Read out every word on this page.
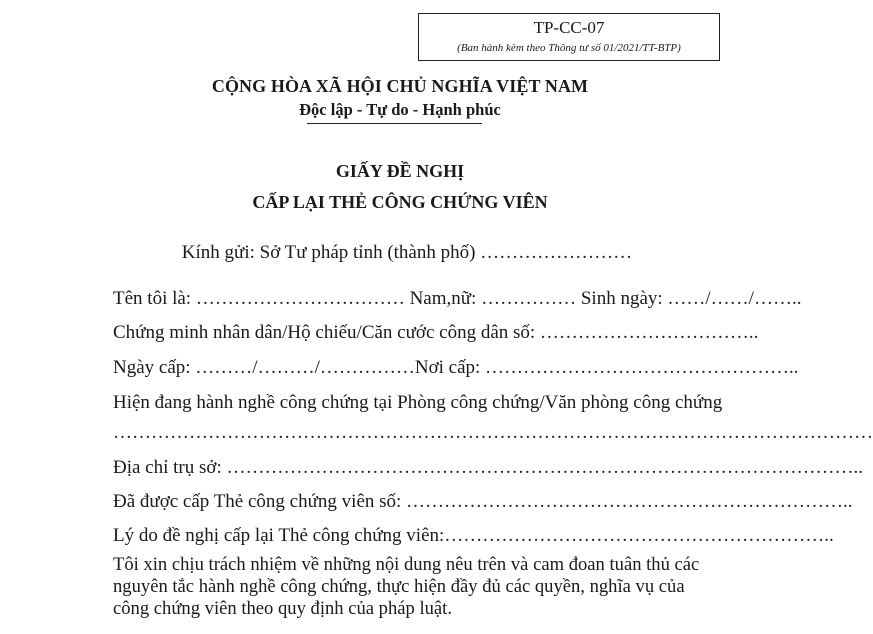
TP-CC-07
(Ban hành kèm theo Thông tư số 01/2021/TT-BTP)
CỘNG HÒA XÃ HỘI CHỦ NGHĨA VIỆT NAM
Độc lập - Tự do - Hạnh phúc
GIẤY ĐỀ NGHỊ
CẤP LẠI THẺ CÔNG CHỨNG VIÊN
Kính gửi: Sở Tư pháp tỉnh (thành phố) ……………………
Tên tôi là: …………………………… Nam,nữ: …………… Sinh ngày: ……/……/……..
Chứng minh nhân dân/Hộ chiếu/Căn cước công dân số: ……………………………..
Ngày cấp: ………/………/……………Nơi cấp: …………………………………………..
Hiện đang hành nghề công chứng tại Phòng công chứng/Văn phòng công chứng
…………………………………………………………………………………………………………
Địa chỉ trụ sở: ………………………………………………………………………………………..
Đã được cấp Thẻ công chứng viên số: ……………………………………………………………..
Lý do đề nghị cấp lại Thẻ công chứng viên:……………………………………………………..
Tôi xin chịu trách nhiệm về những nội dung nêu trên và cam đoan tuân thủ các
nguyên tắc hành nghề công chứng, thực hiện đầy đủ các quyền, nghĩa vụ của
công chứng viên theo quy định của pháp luật.
